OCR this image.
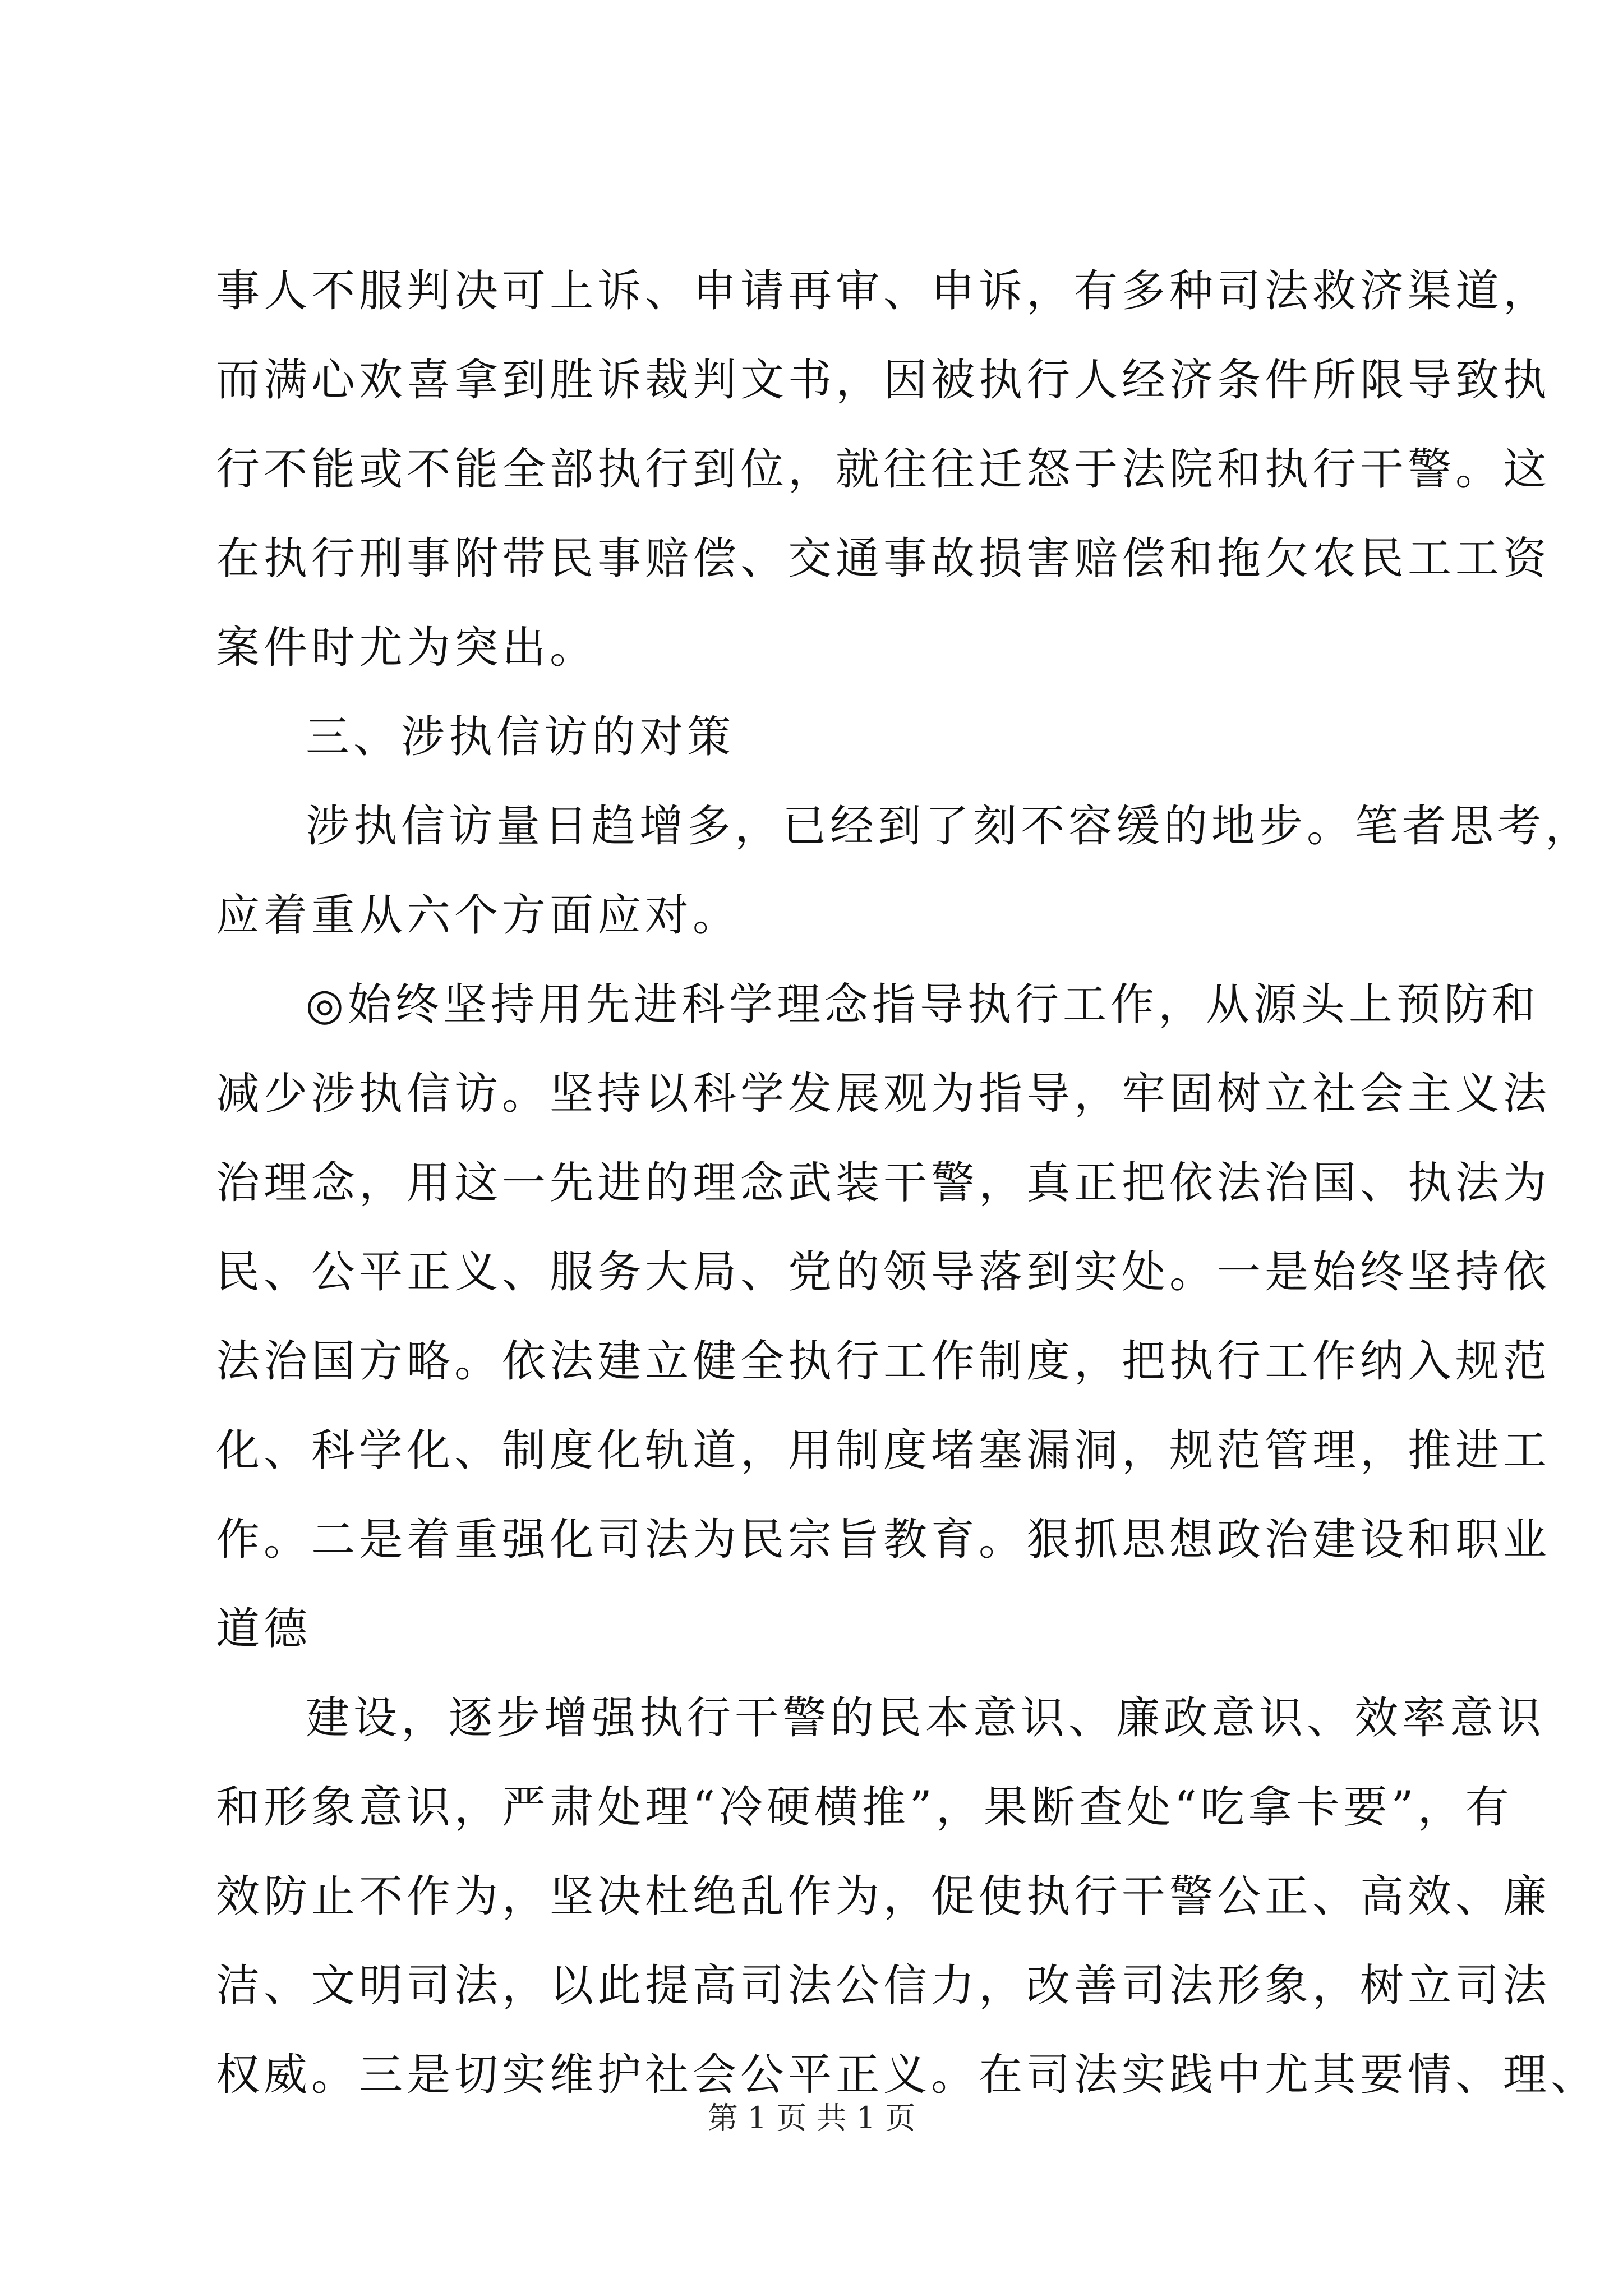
事人不服判决可上诉、申请再审、申诉，有多种司法救济渠道，
而满心欢喜拿到胜诉裁判文书，因被执行人经济条件所限导致执
行不能或不能全部执行到位，就往往迁怒于法院和执行干警。这
在执行刑事附带民事赔偿、交通事故损害赔偿和拖欠农民工工资
案件时尤为突出。
三、涉执信访的对策
涉执信访量日趋增多，已经到了刻不容缓的地步。笔者思考，
应着重从六个方面应对。
◎始终坚持用先进科学理念指导执行工作，从源头上预防和
减少涉执信访。坚持以科学发展观为指导，牢固树立社会主义法
治理念，用这一先进的理念武装干警，真正把依法治国、执法为
民、公平正义、服务大局、党的领导落到实处。一是始终坚持依
法治国方略。依法建立健全执行工作制度，把执行工作纳入规范
化、科学化、制度化轨道，用制度堵塞漏洞，规范管理，推进工
作。二是着重强化司法为民宗旨教育。狠抓思想政治建设和职业
道德
建设，逐步增强执行干警的民本意识、廉政意识、效率意识
和形象意识，严肃处理“冷硬横推”，果断查处“吃拿卡要”，有
效防止不作为，坚决杜绝乱作为，促使执行干警公正、高效、廉
洁、文明司法，以此提高司法公信力，改善司法形象，树立司法
权威。三是切实维护社会公平正义。在司法实践中尤其要情、理、
第 1 页 共 1 页
